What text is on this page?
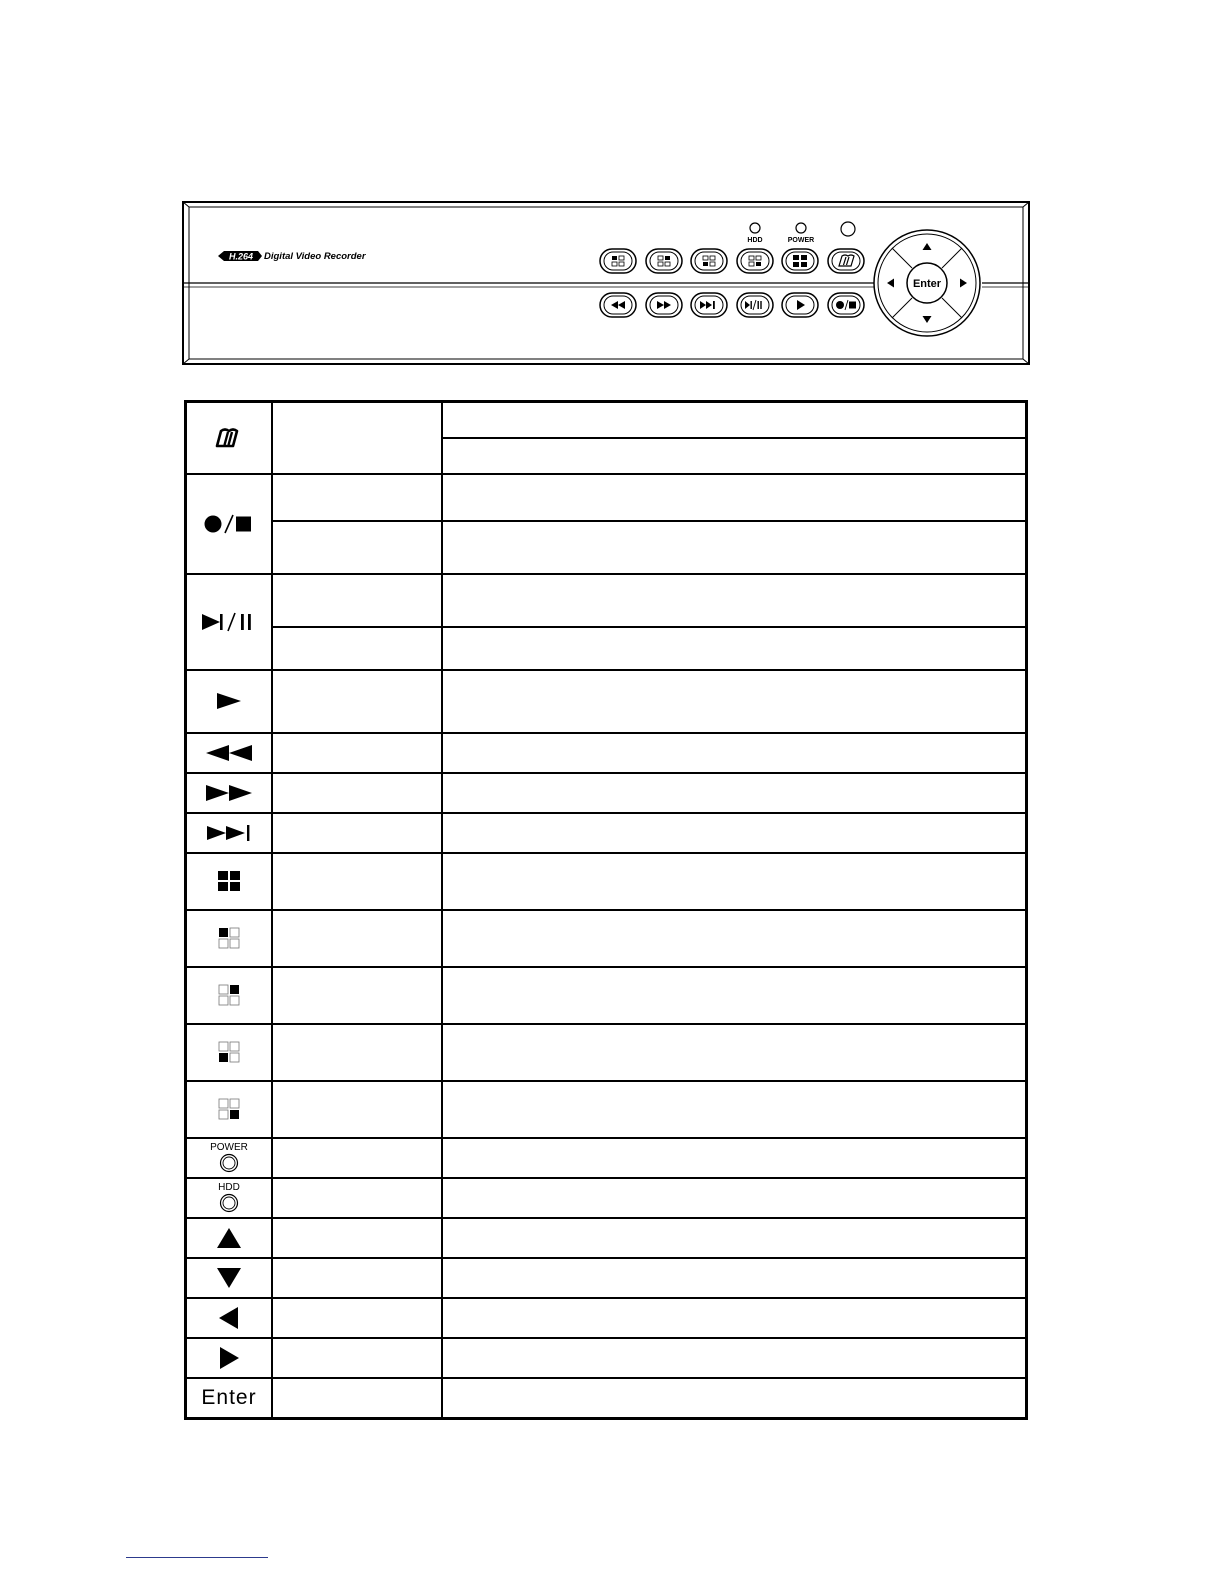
H.264 Digital Video Recorder
HDD	POWER
Enter

POWER		

HDD		

Enter		
